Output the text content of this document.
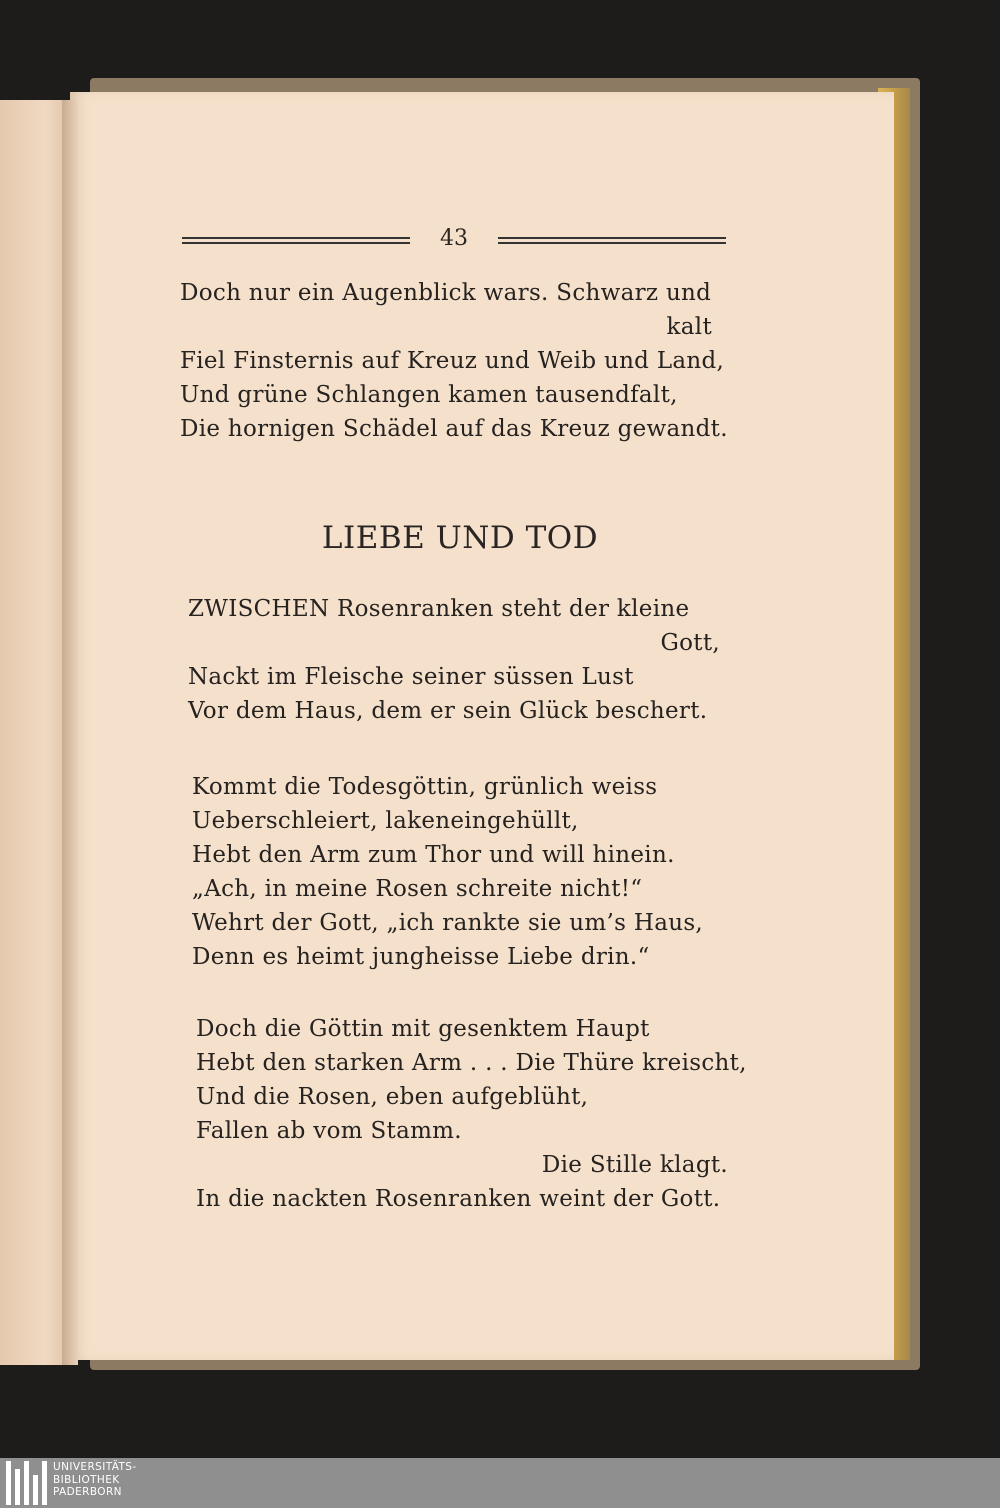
43
Doch nur ein Augenblick wars. Schwarz und
kalt
Fiel Finsternis auf Kreuz und Weib und Land,
Und grüne Schlangen kamen tausendfalt,
Die hornigen Schädel auf das Kreuz gewandt.
LIEBE UND TOD
ZWISCHEN Rosenranken steht der kleine
Gott,
Nackt im Fleische seiner süssen Lust
Vor dem Haus, dem er sein Glück beschert.
Kommt die Todesgöttin, grünlich weiss
Ueberschleiert, lakeneingehüllt,
Hebt den Arm zum Thor und will hinein.
„Ach, in meine Rosen schreite nicht!“
Wehrt der Gott, „ich rankte sie um’s Haus,
Denn es heimt jungheisse Liebe drin.“
Doch die Göttin mit gesenktem Haupt
Hebt den starken Arm . . . Die Thüre kreischt,
Und die Rosen, eben aufgeblüht,
Fallen ab vom Stamm.
Die Stille klagt.
In die nackten Rosenranken weint der Gott.
UNIVERSITÄTS-
BIBLIOTHEK
PADERBORN
